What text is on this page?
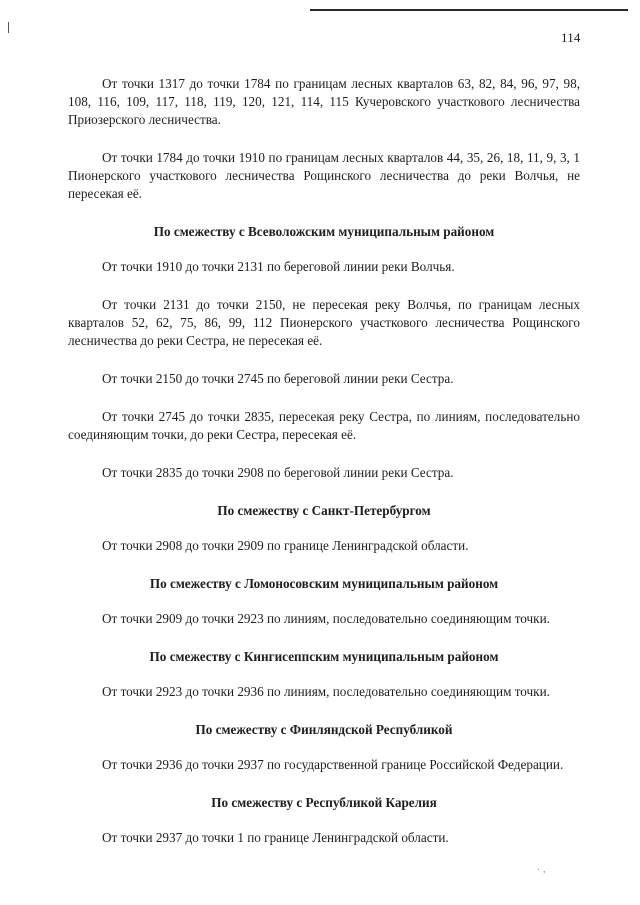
114

От точки 1317 до точки 1784 по границам лесных кварталов 63, 82, 84, 96, 97, 98, 108, 116, 109, 117, 118, 119, 120, 121, 114, 115 Кучеровского участкового лесничества Приозерского лесничества.

От точки 1784 до точки 1910 по границам лесных кварталов 44, 35, 26, 18, 11, 9, 3, 1 Пионерского участкового лесничества Рощинского лесничества до реки Волчья, не пересекая её.

По смежеству с Всеволожским муниципальным районом

От точки 1910 до точки 2131 по береговой линии реки Волчья.

От точки 2131 до точки 2150, не пересекая реку Волчья, по границам лесных кварталов 52, 62, 75, 86, 99, 112 Пионерского участкового лесничества Рощинского лесничества до реки Сестра, не пересекая её.

От точки 2150 до точки 2745 по береговой линии реки Сестра.

От точки 2745 до точки 2835, пересекая реку Сестра, по линиям, последовательно соединяющим точки, до реки Сестра, пересекая её.

От точки 2835 до точки 2908 по береговой линии реки Сестра.

По смежеству с Санкт-Петербургом

От точки 2908 до точки 2909 по границе Ленинградской области.

По смежеству с Ломоносовским муниципальным районом

От точки 2909 до точки 2923 по линиям, последовательно соединяющим точки.

По смежеству с Кингисеппским муниципальным районом

От точки 2923 до точки 2936 по линиям, последовательно соединяющим точки.

По смежеству с Финляндской Республикой

От точки 2936 до точки 2937 по государственной границе Российской Федерации.

По смежеству с Республикой Карелия

От точки 2937 до точки 1 по границе Ленинградской области.

٠ ,
